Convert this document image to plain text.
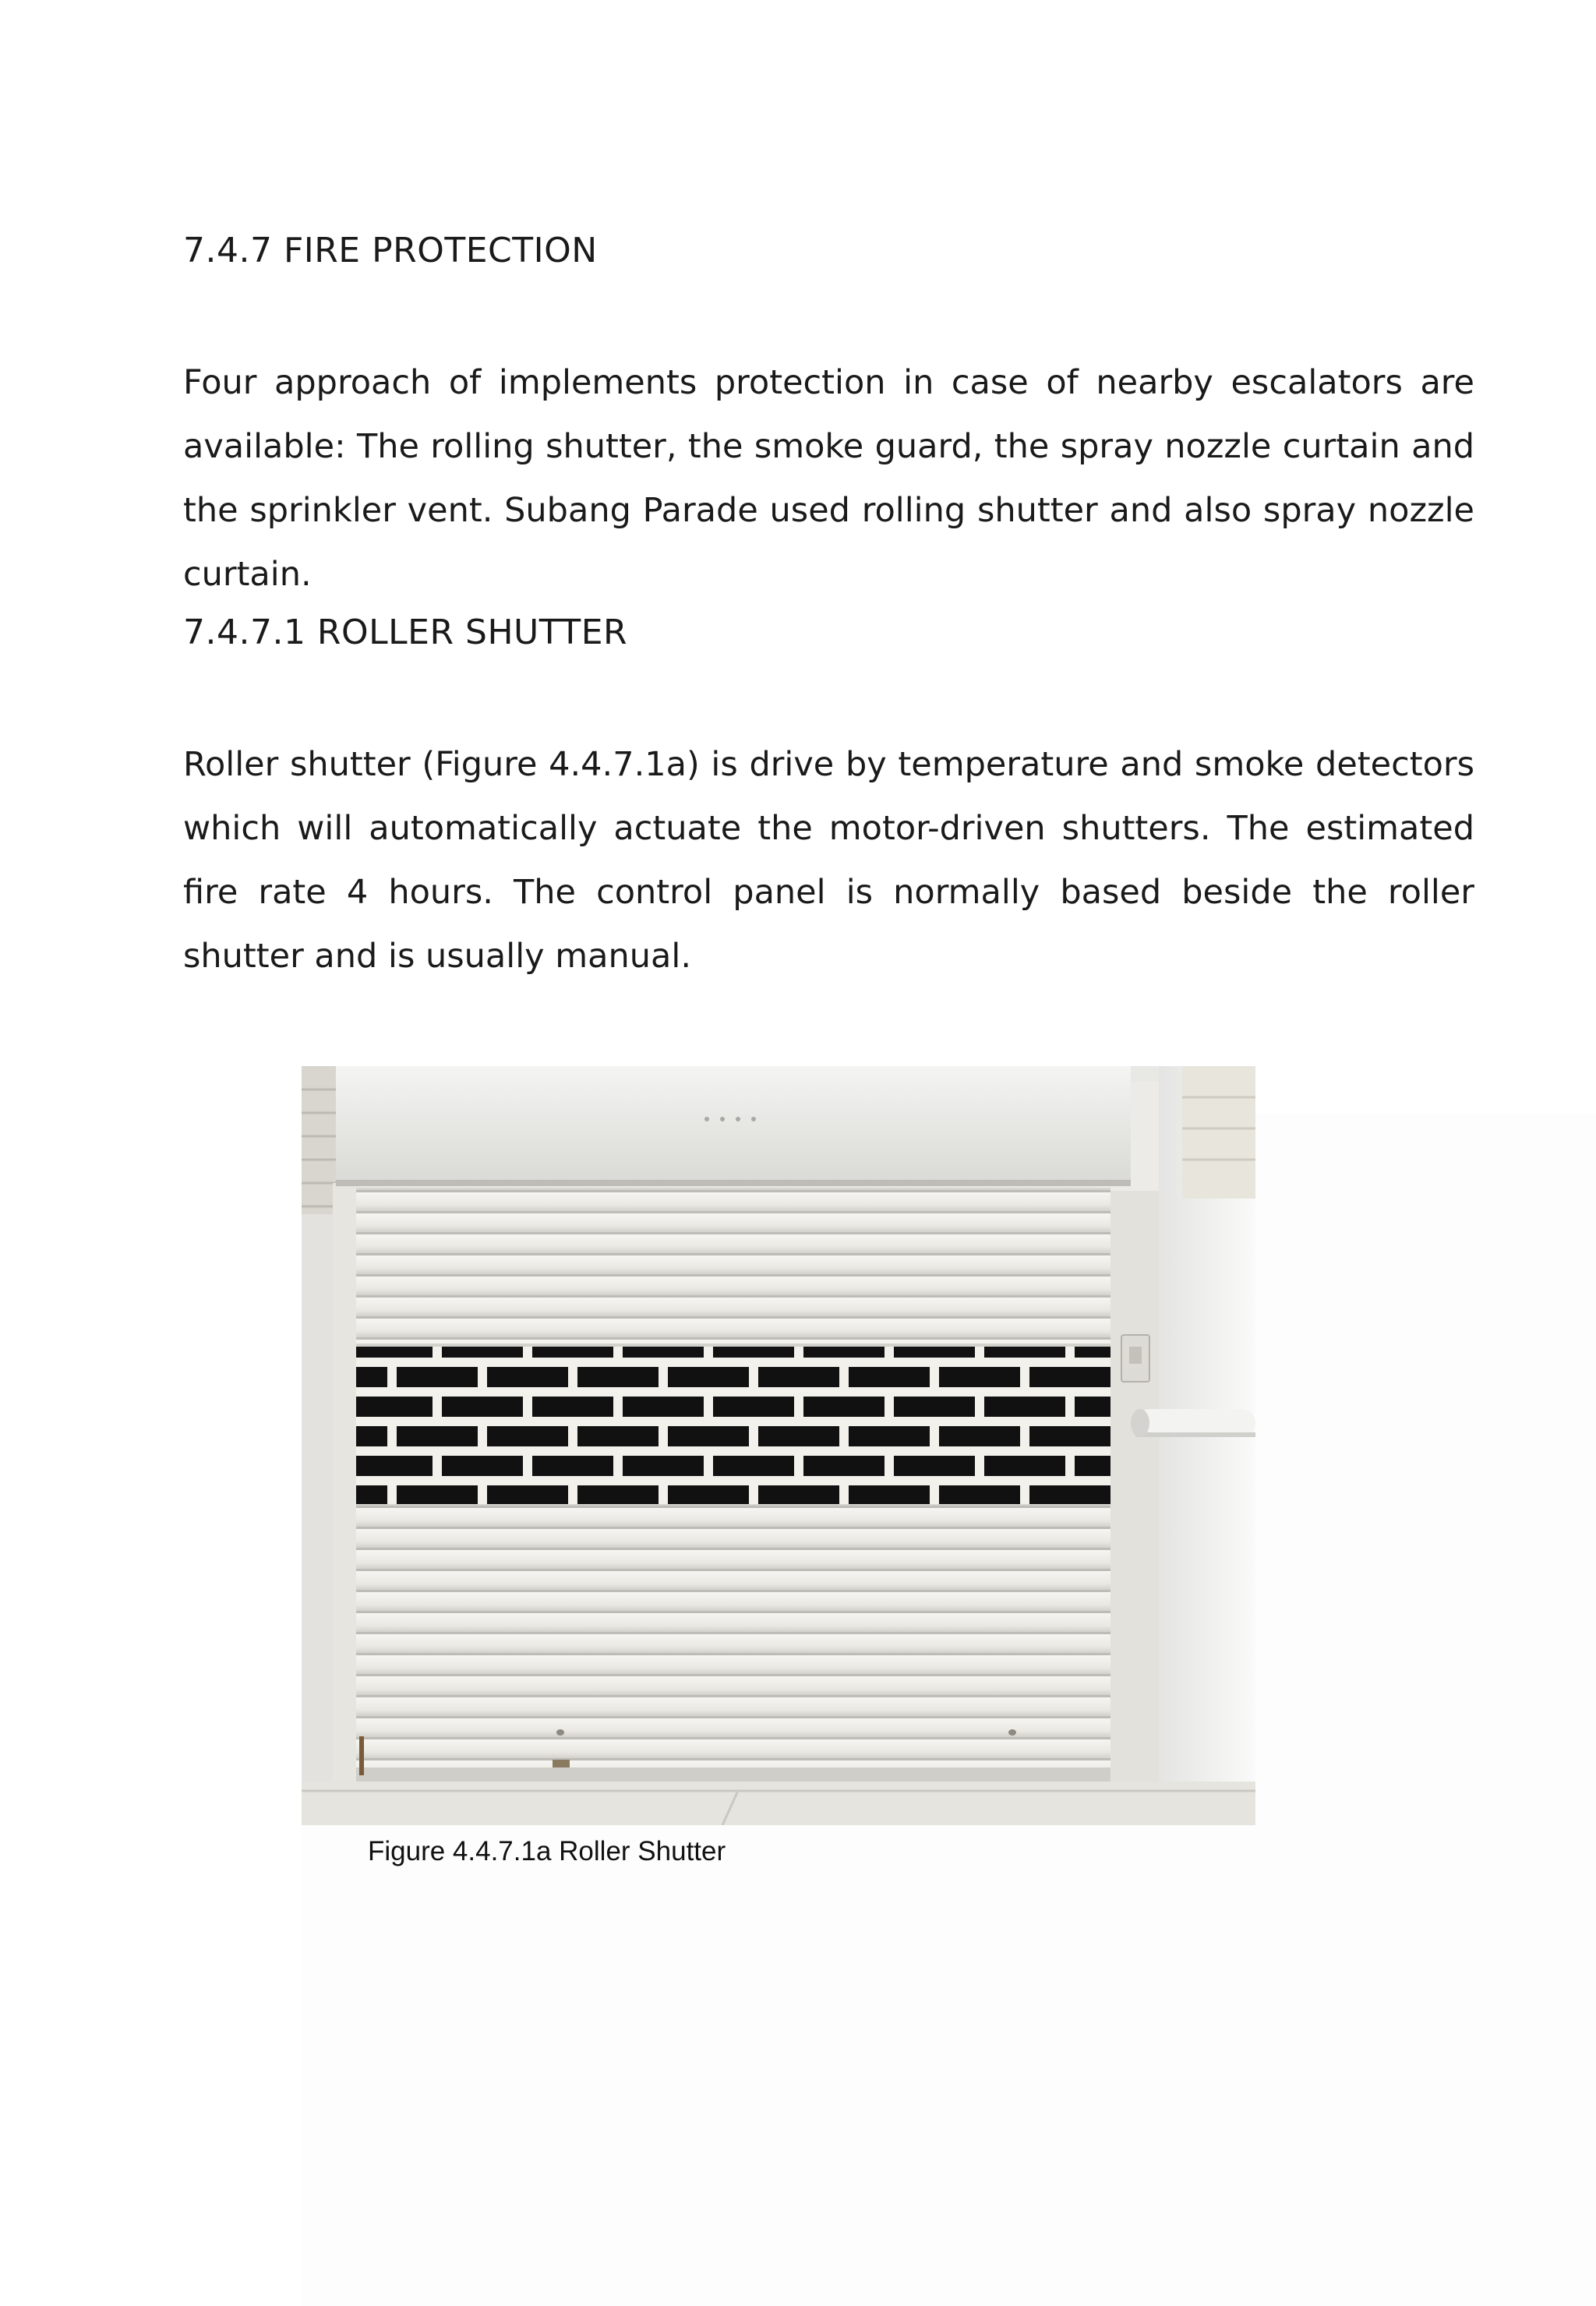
7.4.7 FIRE PROTECTION

Four approach of implements protection in case of nearby escalators are available: The rolling shutter, the smoke guard, the spray nozzle curtain and the sprinkler vent. Subang Parade used rolling shutter and also spray nozzle curtain.

7.4.7.1 ROLLER SHUTTER

Roller shutter (Figure 4.4.7.1a) is drive by temperature and smoke detectors which will automatically actuate the motor-driven shutters. The estimated fire rate 4 hours. The control panel is normally based beside the roller shutter and is usually manual.

Figure 4.4.7.1a Roller Shutter
